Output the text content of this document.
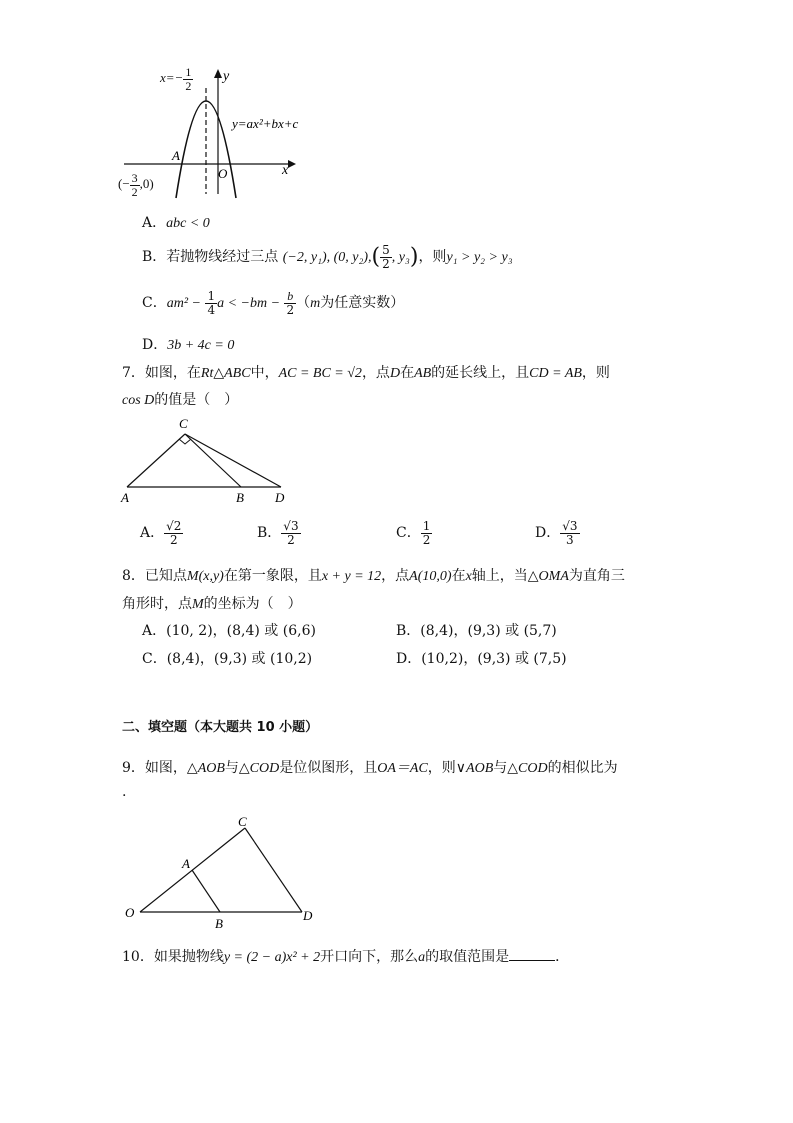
y
x
y=ax²+bx+c
A
O
$x=- \frac{1}{2}$
(− $\frac{3}{2} ,0$)
A．abc < 0
B．若抛物线经过三点 (−2, y₁), (0, $y_2),( \frac{5}{2}$ , y₃)，则y₁ > y₂ > y₃
C．$am^2 - \frac{1}{4}$ $a < -bm - \frac{b}{2} (m$为任意实数）
D．3b + 4c = 0
7．如图，在Rt△ABC中，AC = BC = √2，点D在AB的延长线上，且CD = AB，则
cos D的值是（　）
C
A	B D
A． $\frac{√2}{2}$	B． $\frac{√3}{2}$	C． $\frac{1}{2}$	D． $\frac{√3}{3}$
8．已知点M(x,y)在第一象限，且x + y = 12，点A(10,0)在x轴上，当△OMA为直角三
角形时，点M的坐标为（　）
A．(10, 2)，(8,4) 或 (6,6)	B．(8,4)，(9,3) 或 (5,7)
C．(8,4)，(9,3) 或 (10,2)	D．(10,2)，(9,3) 或 (7,5)
二、填空题（本大题共 10 小题）
9．如图，△AOB与△COD是位似图形，且OA＝AC，则∨AOB与△COD的相似比为
.
C
A
O
B
D
10．如果抛物线y = (2 − a)x² + 2开口向下，那么a的取值范围是	．
